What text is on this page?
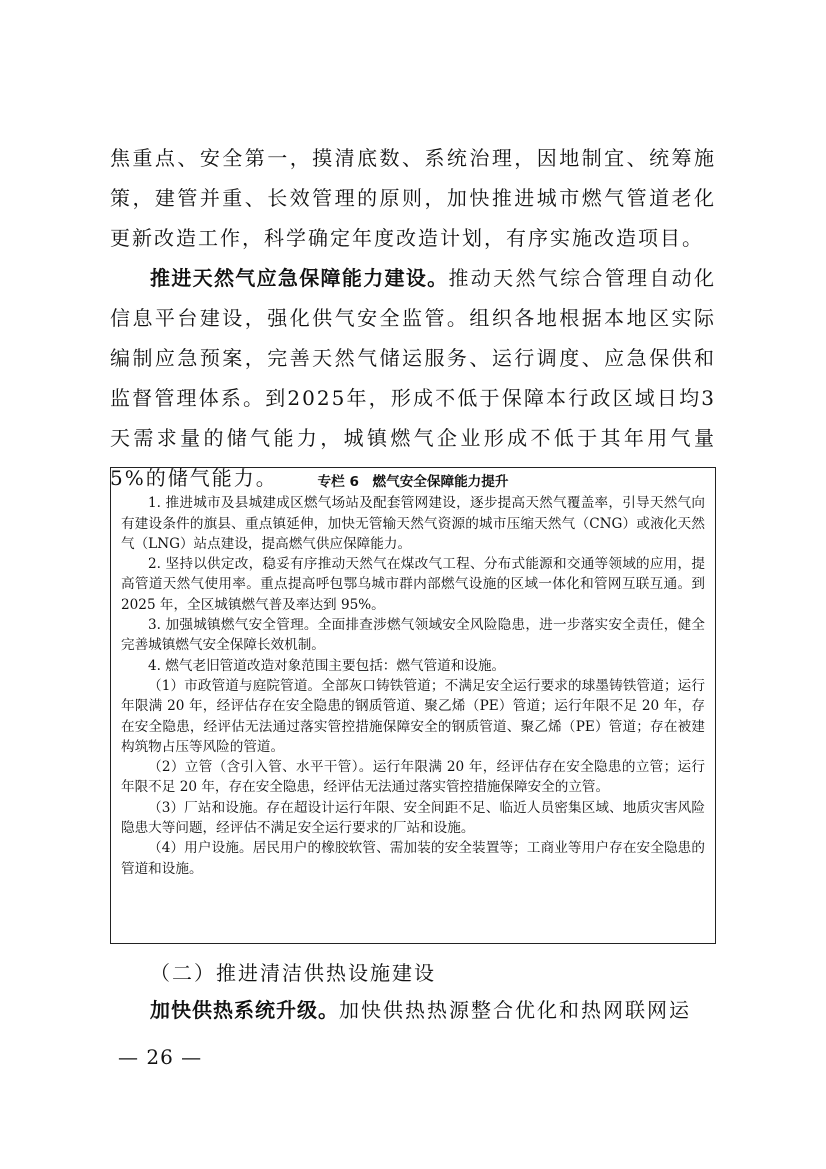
焦重点、安全第一，摸清底数、系统治理，因地制宜、统筹施策，建管并重、长效管理的原则，加快推进城市燃气管道老化更新改造工作，科学确定年度改造计划，有序实施改造项目。

推进天然气应急保障能力建设。推动天然气综合管理自动化信息平台建设，强化供气安全监管。组织各地根据本地区实际编制应急预案，完善天然气储运服务、运行调度、应急保供和监督管理体系。到2025年，形成不低于保障本行政区域日均3天需求量的储气能力，城镇燃气企业形成不低于其年用气量5%的储气能力。	专栏 6　燃气安全保障能力提升

1. 推进城市及县城建成区燃气场站及配套管网建设，逐步提高天然气覆盖率，引导天然气向有建设条件的旗县、重点镇延伸，加快无管输天然气资源的城市压缩天然气（CNG）或液化天然气（LNG）站点建设，提高燃气供应保障能力。

2. 坚持以供定改，稳妥有序推动天然气在煤改气工程、分布式能源和交通等领域的应用，提高管道天然气使用率。重点提高呼包鄂乌城市群内部燃气设施的区域一体化和管网互联互通。到 2025 年，全区城镇燃气普及率达到 95%。

3. 加强城镇燃气安全管理。全面排查涉燃气领域安全风险隐患，进一步落实安全责任，健全完善城镇燃气安全保障长效机制。

4. 燃气老旧管道改造对象范围主要包括：燃气管道和设施。

（1）市政管道与庭院管道。全部灰口铸铁管道；不满足安全运行要求的球墨铸铁管道；运行年限满 20 年，经评估存在安全隐患的钢质管道、聚乙烯（PE）管道；运行年限不足 20 年，存在安全隐患，经评估无法通过落实管控措施保障安全的钢质管道、聚乙烯（PE）管道；存在被建构筑物占压等风险的管道。

（2）立管（含引入管、水平干管）。运行年限满 20 年，经评估存在安全隐患的立管；运行年限不足 20 年，存在安全隐患，经评估无法通过落实管控措施保障安全的立管。

（3）厂站和设施。存在超设计运行年限、安全间距不足、临近人员密集区域、地质灾害风险隐患大等问题，经评估不满足安全运行要求的厂站和设施。

（4）用户设施。居民用户的橡胶软管、需加装的安全装置等；工商业等用户存在安全隐患的管道和设施。

（二）推进清洁供热设施建设

加快供热系统升级。加快供热热源整合优化和热网联网运

— 26 —
